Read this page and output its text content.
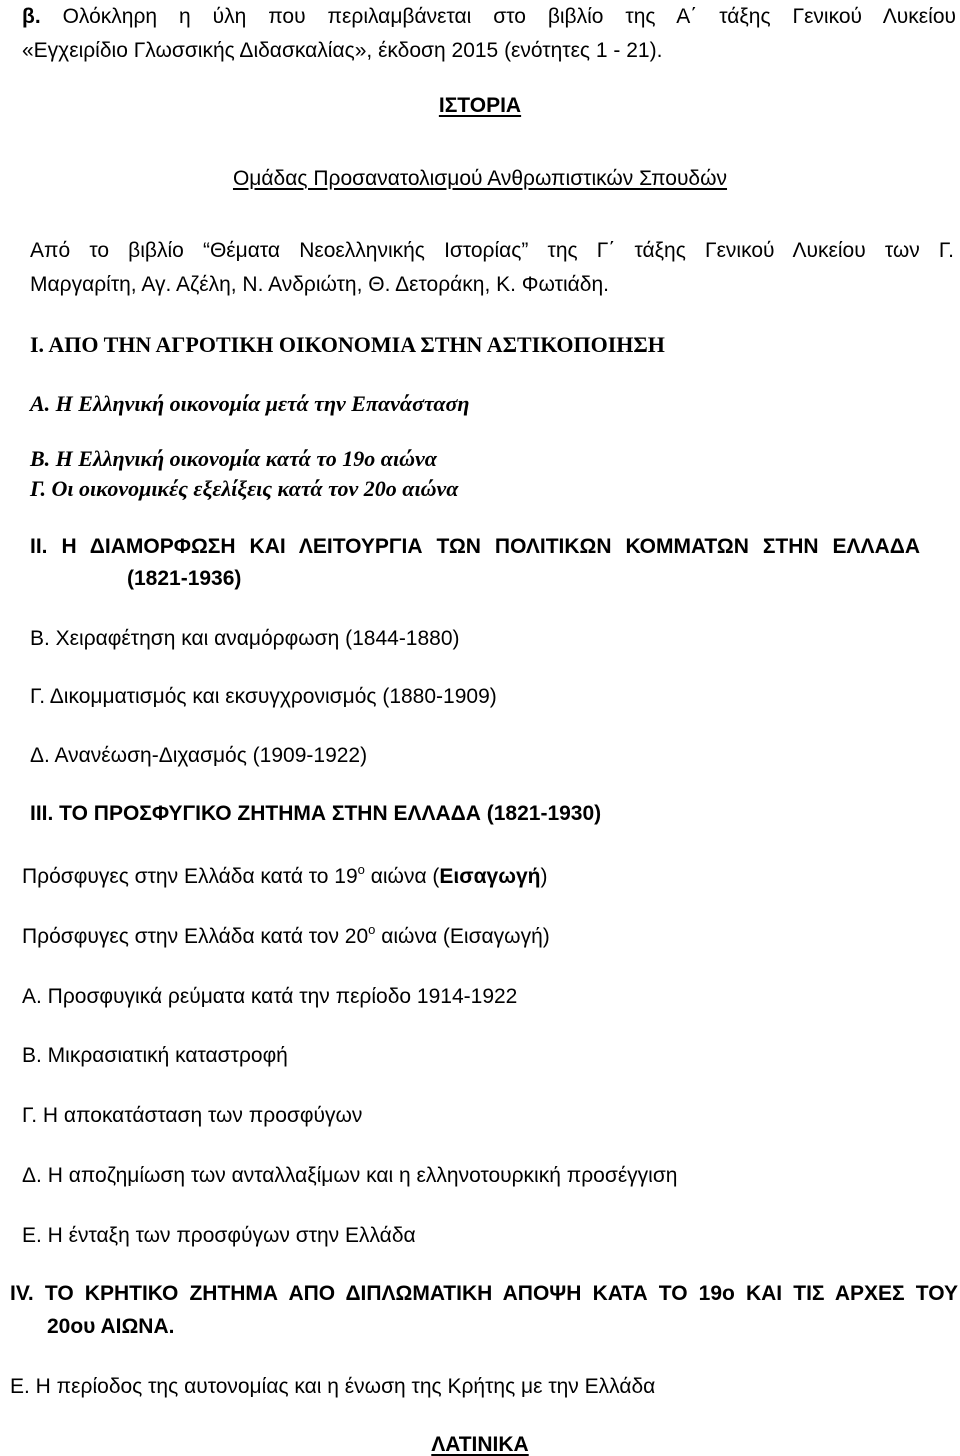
β. Ολόκληρη η ύλη που περιλαμβάνεται στο βιβλίο της Α΄ τάξης Γενικού Λυκείου
«Εγχειρίδιο Γλωσσικής Διδασκαλίας», έκδοση 2015 (ενότητες 1 - 21).
ΙΣΤΟΡΙΑ
Ομάδας Προσανατολισμού Ανθρωπιστικών Σπουδών
Από το βιβλίο “Θέματα Νεοελληνικής Ιστορίας” της Γ΄ τάξης Γενικού Λυκείου των Γ.
Μαργαρίτη, Αγ. Αζέλη, Ν. Ανδριώτη, Θ. Δετοράκη, Κ. Φωτιάδη.
Ι. ΑΠΟ ΤΗΝ ΑΓΡΟΤΙΚΗ ΟΙΚΟΝΟΜΙΑ ΣΤΗΝ ΑΣΤΙΚΟΠΟΙΗΣΗ
Α. Η Ελληνική οικονομία μετά την Επανάσταση
Β. Η Ελληνική οικονομία κατά το 19ο αιώνα
Γ. Οι οικονομικές εξελίξεις κατά τον 20ο αιώνα
ΙΙ. Η ΔΙΑΜΟΡΦΩΣΗ ΚΑΙ ΛΕΙΤΟΥΡΓΙΑ ΤΩΝ ΠΟΛΙΤΙΚΩΝ ΚΟΜΜΑΤΩΝ ΣΤΗΝ ΕΛΛΑΔΑ
(1821-1936)
Β. Χειραφέτηση και αναμόρφωση (1844-1880)
Γ. Δικομματισμός και εκσυγχρονισμός (1880-1909)
Δ. Ανανέωση-Διχασμός (1909-1922)
ΙΙΙ. ΤΟ ΠΡΟΣΦΥΓΙΚΟ ΖΗΤΗΜΑ ΣΤΗΝ ΕΛΛΑΔΑ (1821-1930)
Πρόσφυγες στην Ελλάδα κατά το $19^o$ αιώνα (Εισαγωγή)
Πρόσφυγες στην Ελλάδα κατά τον $20^o$ αιώνα (Εισαγωγή)
Α. Προσφυγικά ρεύματα κατά την περίοδο 1914-1922
Β. Μικρασιατική καταστροφή
Γ. Η αποκατάσταση των προσφύγων
Δ. Η αποζημίωση των ανταλλαξίμων και η ελληνοτουρκική προσέγγιση
Ε. Η ένταξη των προσφύγων στην Ελλάδα
IV. ΤΟ ΚΡΗΤΙΚΟ ΖΗΤΗΜΑ ΑΠΟ ΔΙΠΛΩΜΑΤΙΚΗ ΑΠΟΨΗ ΚΑΤΑ ΤΟ 19ο ΚΑΙ ΤΙΣ ΑΡΧΕΣ ΤΟΥ
20ου ΑΙΩΝΑ.
Ε. Η περίοδος της αυτονομίας και η ένωση της Κρήτης με την Ελλάδα
ΛΑΤΙΝΙΚΑ
